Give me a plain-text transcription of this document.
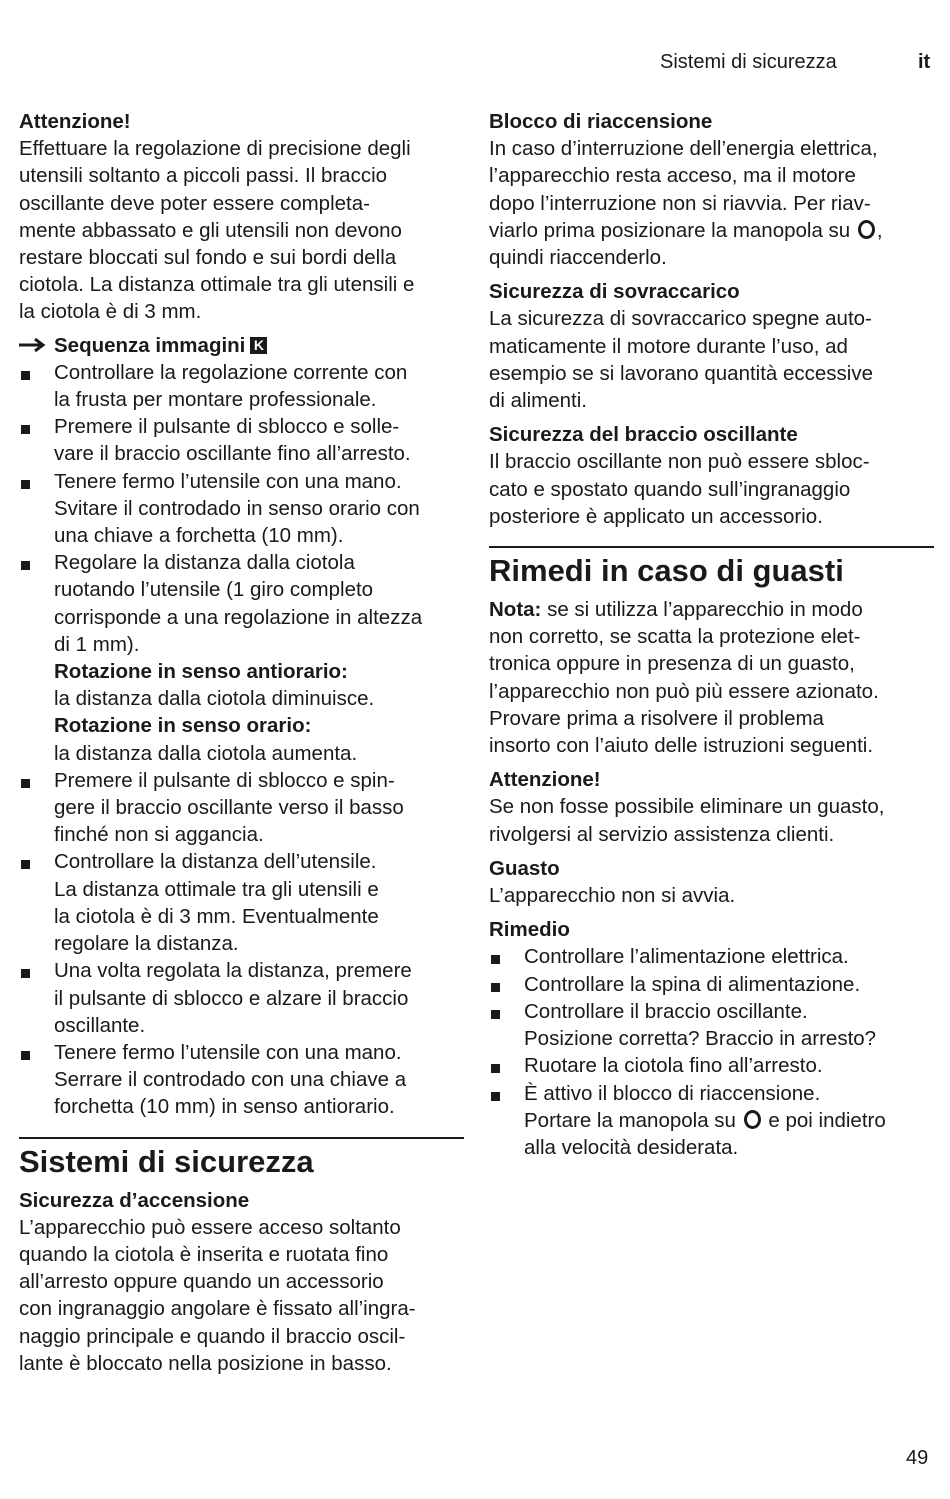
Sistemi di sicurezza	it

Attenzione!

Effettuare la regolazione di precisione degli
utensili soltanto a piccoli passi. Il braccio
oscillante deve poter essere completa-
mente abbassato e gli utensili non devono
restare bloccati sul fondo e sui bordi della
ciotola. La distanza ottimale tra gli utensili e
la ciotola è di 3 mm.
Sequenza immagini K
Controllare la regolazione corrente con
la frusta per montare professionale.
Premere il pulsante di sblocco e solle-
vare il braccio oscillante fino all’arresto.
Tenere fermo l’utensile con una mano.
Svitare il controdado in senso orario con
una chiave a forchetta (10 mm).
Regolare la distanza dalla ciotola
ruotando l’utensile (1 giro completo
corrisponde a una regolazione in altezza
di 1 mm).
Rotazione in senso antiorario:
la distanza dalla ciotola diminuisce.
Rotazione in senso orario:
la distanza dalla ciotola aumenta.
Premere il pulsante di sblocco e spin-
gere il braccio oscillante verso il basso
finché non si aggancia.
Controllare la distanza dell’utensile.
La distanza ottimale tra gli utensili e
la ciotola è di 3 mm. Eventualmente
regolare la distanza.
Una volta regolata la distanza, premere
il pulsante di sblocco e alzare il braccio
oscillante.
Tenere fermo l’utensile con una mano.
Serrare il controdado con una chiave a
forchetta (10 mm) in senso antiorario.
Sistemi di sicurezza

Sicurezza d’accensione

L’apparecchio può essere acceso soltanto
quando la ciotola è inserita e ruotata fino
all’arresto oppure quando un accessorio
con ingranaggio angolare è fissato all’ingra-
naggio principale e quando il braccio oscil-
lante è bloccato nella posizione in basso.

Blocco di riaccensione

In caso d’interruzione dell’energia elettrica,
l’apparecchio resta acceso, ma il motore
dopo l’interruzione non si riavvia. Per riav-
viarlo prima posizionare la manopola su ,
quindi riaccenderlo.

Sicurezza di sovraccarico

La sicurezza di sovraccarico spegne auto-
maticamente il motore durante l’uso, ad
esempio se si lavorano quantità eccessive
di alimenti.

Sicurezza del braccio oscillante

Il braccio oscillante non può essere sbloc-
cato e spostato quando sull’ingranaggio
posteriore è applicato un accessorio.
Rimedi in caso di guasti
Nota: se si utilizza l’apparecchio in modo
non corretto, se scatta la protezione elet-
tronica oppure in presenza di un guasto,
l’apparecchio non può più essere azionato.
Provare prima a risolvere il problema
insorto con l’aiuto delle istruzioni seguenti.

Attenzione!

Se non fosse possibile eliminare un guasto,
rivolgersi al servizio assistenza clienti.

Guasto

L’apparecchio non si avvia.

Rimedio

Controllare l’alimentazione elettrica.
Controllare la spina di alimentazione.
Controllare il braccio oscillante.
Posizione corretta? Braccio in arresto?
Ruotare la ciotola fino all’arresto.
È attivo il blocco di riaccensione.
Portare la manopola su  e poi indietro
alla velocità desiderata.
49
